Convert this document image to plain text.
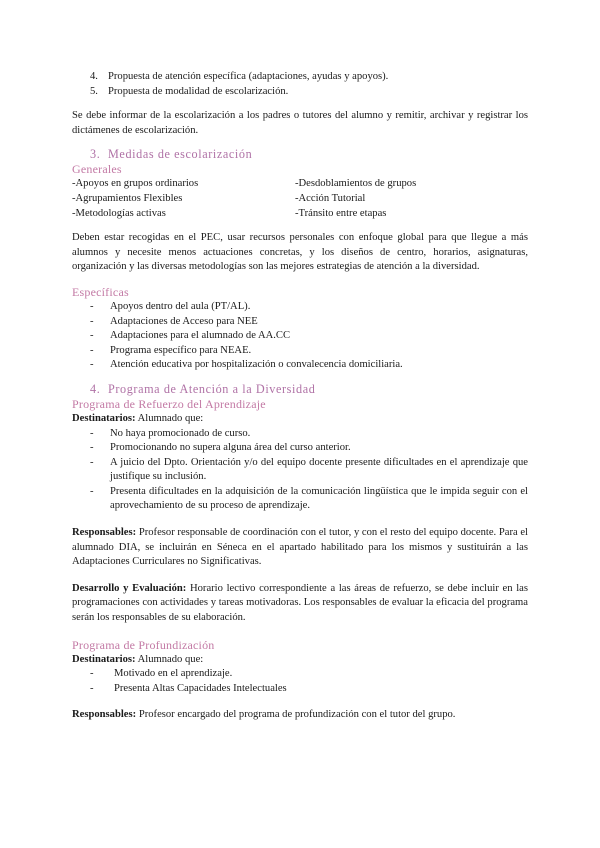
4. Propuesta de atención específica (adaptaciones, ayudas y apoyos).
5. Propuesta de modalidad de escolarización.

Se debe informar de la escolarización a los padres o tutores del alumno y remitir, archivar y registrar los dictámenes de escolarización.

3. Medidas de escolarización
Generales
-Apoyos en grupos ordinarios	-Desdoblamientos de grupos
-Agrupamientos Flexibles	-Acción Tutorial
-Metodologías activas	-Tránsito entre etapas

Deben estar recogidas en el PEC, usar recursos personales con enfoque global para que llegue a más alumnos y necesite menos actuaciones concretas, y los diseños de centro, horarios, asignaturas, organización y las diversas metodologías son las mejores estrategias de atención a la diversidad.

Específicas
-	Apoyos dentro del aula (PT/AL).
-	Adaptaciones de Acceso para NEE
-	Adaptaciones para el alumnado de AA.CC
-	Programa específico para NEAE.
-	Atención educativa por hospitalización o convalecencia domiciliaria.
4. Programa de Atención a la Diversidad
Programa de Refuerzo del Aprendizaje
Destinatarios: Alumnado que:
-	No haya promocionado de curso.
-	Promocionando no supera alguna área del curso anterior.
-	A juicio del Dpto. Orientación y/o del equipo docente presente dificultades en el aprendizaje que justifique su inclusión.
-	Presenta dificultades en la adquisición de la comunicación lingüística que le impida seguir con el aprovechamiento de su proceso de aprendizaje.

Responsables: Profesor responsable de coordinación con el tutor, y con el resto del equipo docente. Para el alumnado DIA, se incluirán en Séneca en el apartado habilitado para los mismos y sustituirán a las Adaptaciones Curriculares no Significativas.

Desarrollo y Evaluación: Horario lectivo correspondiente a las áreas de refuerzo, se debe incluir en las programaciones con actividades y tareas motivadoras. Los responsables de evaluar la eficacia del programa serán los responsables de su elaboración.

Programa de Profundización
Destinatarios: Alumnado que:
-	Motivado en el aprendizaje.
-	Presenta Altas Capacidades Intelectuales

Responsables: Profesor encargado del programa de profundización con el tutor del grupo.
